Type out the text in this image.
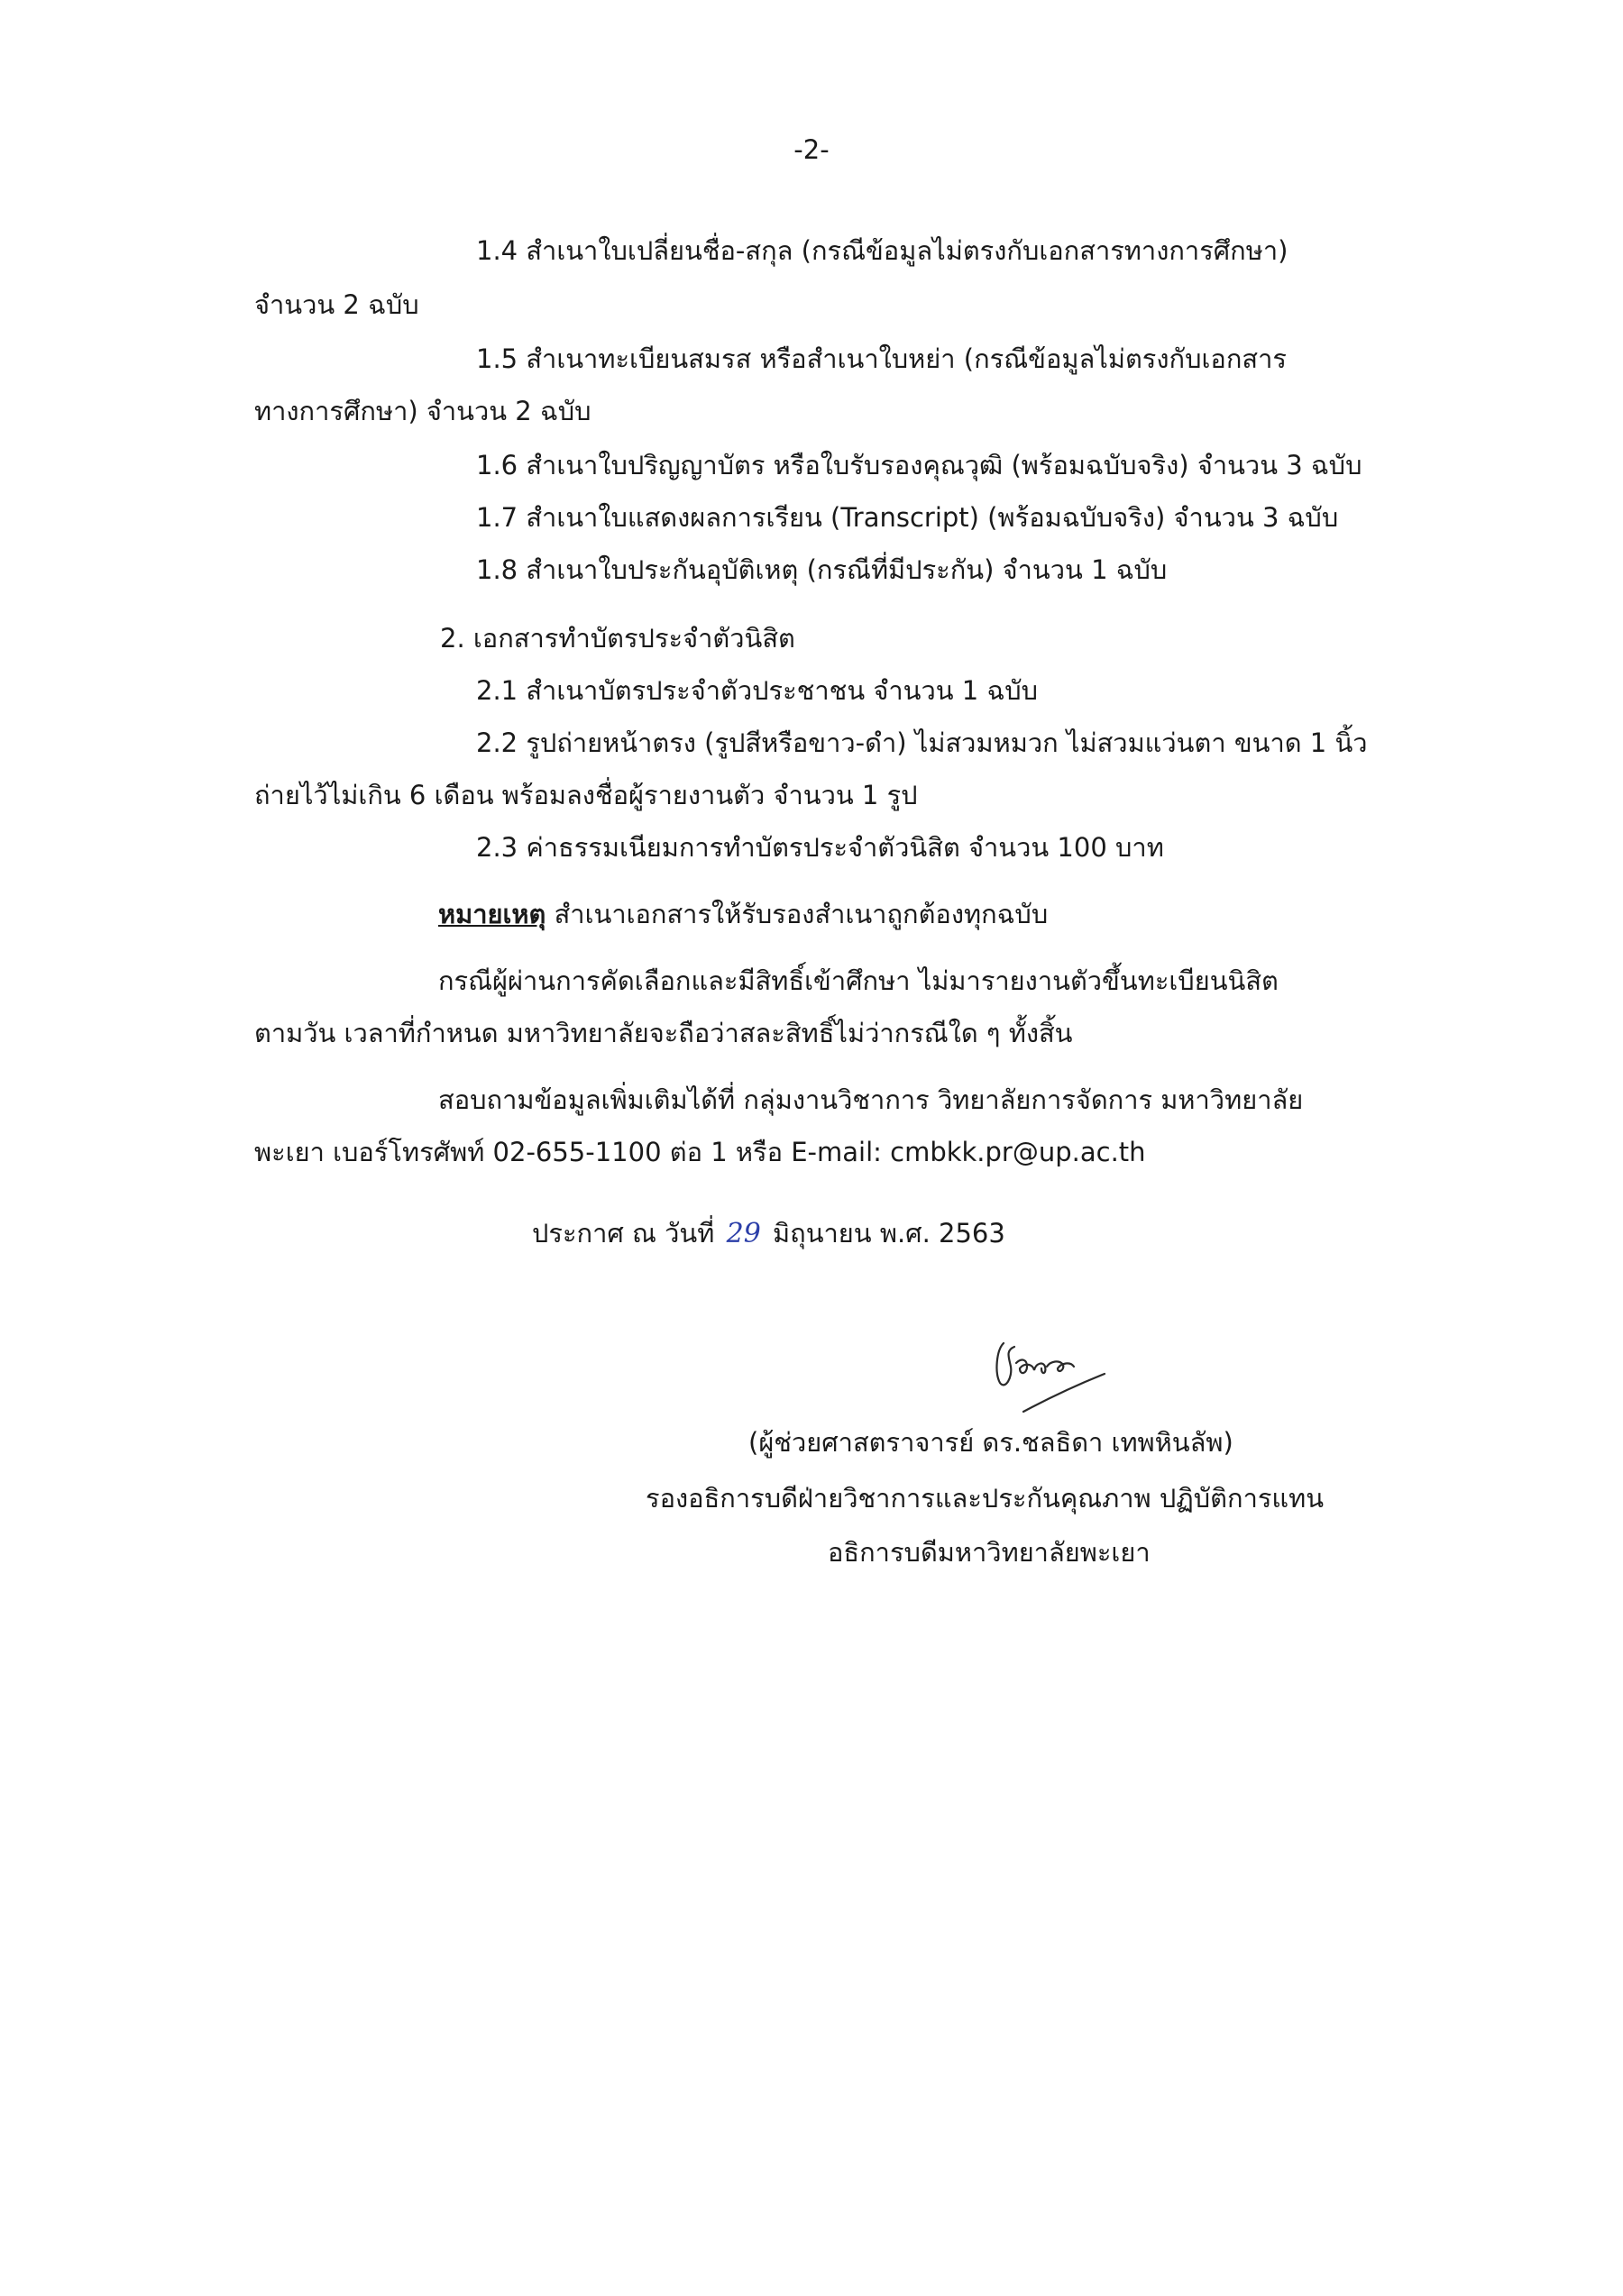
-2-
1.4 สำเนาใบเปลี่ยนชื่อ-สกุล (กรณีข้อมูลไม่ตรงกับเอกสารทางการศึกษา)
จำนวน 2 ฉบับ
1.5 สำเนาทะเบียนสมรส หรือสำเนาใบหย่า (กรณีข้อมูลไม่ตรงกับเอกสาร
ทางการศึกษา) จำนวน 2 ฉบับ
1.6 สำเนาใบปริญญาบัตร หรือใบรับรองคุณวุฒิ (พร้อมฉบับจริง) จำนวน 3 ฉบับ
1.7 สำเนาใบแสดงผลการเรียน (Transcript) (พร้อมฉบับจริง) จำนวน 3 ฉบับ
1.8 สำเนาใบประกันอุบัติเหตุ (กรณีที่มีประกัน) จำนวน 1 ฉบับ
2. เอกสารทำบัตรประจำตัวนิสิต
2.1 สำเนาบัตรประจำตัวประชาชน จำนวน 1 ฉบับ
2.2 รูปถ่ายหน้าตรง (รูปสีหรือขาว-ดำ) ไม่สวมหมวก ไม่สวมแว่นตา ขนาด 1 นิ้ว
ถ่ายไว้ไม่เกิน 6 เดือน พร้อมลงชื่อผู้รายงานตัว จำนวน 1 รูป
2.3 ค่าธรรมเนียมการทำบัตรประจำตัวนิสิต จำนวน 100 บาท
หมายเหตุ สำเนาเอกสารให้รับรองสำเนาถูกต้องทุกฉบับ
กรณีผู้ผ่านการคัดเลือกและมีสิทธิ์เข้าศึกษา ไม่มารายงานตัวขึ้นทะเบียนนิสิต
ตามวัน เวลาที่กำหนด มหาวิทยาลัยจะถือว่าสละสิทธิ์ไม่ว่ากรณีใด ๆ ทั้งสิ้น
สอบถามข้อมูลเพิ่มเติมได้ที่ กลุ่มงานวิชาการ วิทยาลัยการจัดการ มหาวิทยาลัย
พะเยา เบอร์โทรศัพท์ 02-655-1100 ต่อ 1 หรือ E-mail: cmbkk.pr@up.ac.th
ประกาศ ณ วันที่ 29 มิถุนายน พ.ศ. 2563
(ผู้ช่วยศาสตราจารย์ ดร.ชลธิดา เทพหินลัพ)
รองอธิการบดีฝ่ายวิชาการและประกันคุณภาพ ปฏิบัติการแทน
อธิการบดีมหาวิทยาลัยพะเยา
